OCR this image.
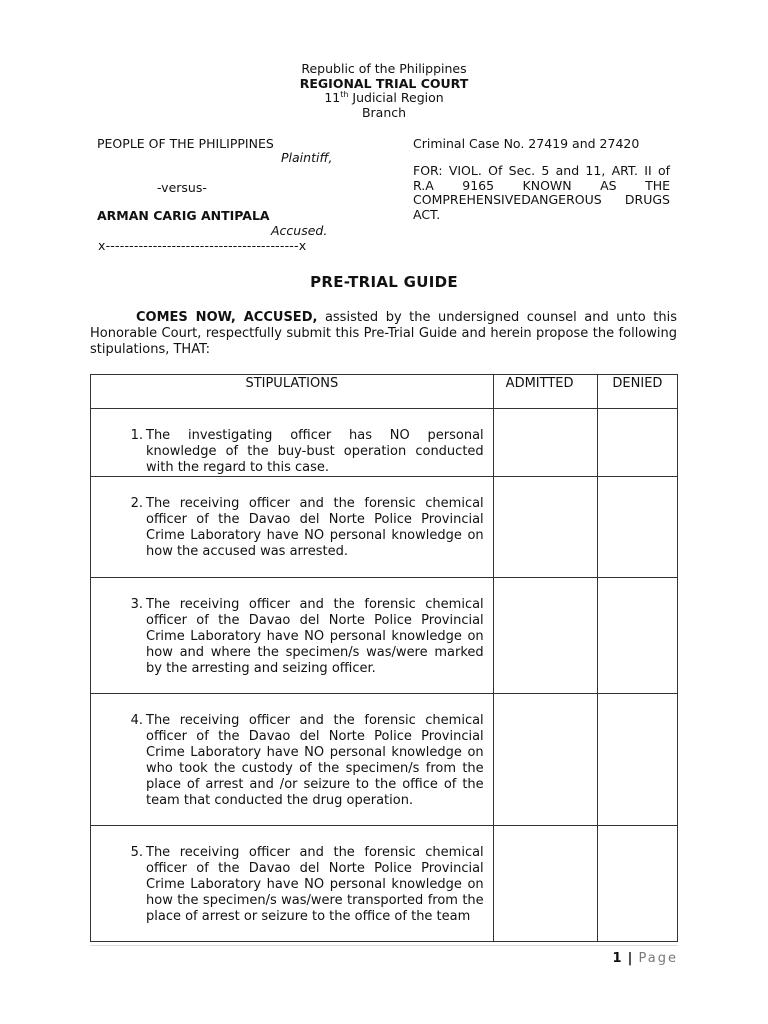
Republic of the Philippines
REGIONAL TRIAL COURT
11th Judicial Region
Branch
PEOPLE OF THE PHILIPPINES
Plaintiff,
-versus-
ARMAN CARIG ANTIPALA
Accused.
x-----------------------------------------x
Criminal Case No. 27419 and 27420
FOR: VIOL. Of Sec. 5 and 11, ART. II of R.A 9165 KNOWN AS THE COMPREHENSIVEDANGEROUS DRUGS ACT.
PRE-TRIAL GUIDE
COMES NOW, ACCUSED, assisted by the undersigned counsel and unto this Honorable Court, respectfully submit this Pre-Trial Guide and herein propose the following stipulations, THAT:
STIPULATIONS	ADMITTED	DENIED

1. The investigating officer has NO personal knowledge of the buy-bust operation conducted with the regard to this case.		

2. The receiving officer and the forensic chemical officer of the Davao del Norte Police Provincial Crime Laboratory have NO personal knowledge on how the accused was arrested.		

3. The receiving officer and the forensic chemical officer of the Davao del Norte Police Provincial Crime Laboratory have NO personal knowledge on how and where the specimen/s was/were marked by the arresting and seizing officer.		

4. The receiving officer and the forensic chemical officer of the Davao del Norte Police Provincial Crime Laboratory have NO personal knowledge on who took the custody of the specimen/s from the place of arrest and /or seizure to the office of the team that conducted the drug operation.		

5. The receiving officer and the forensic chemical officer of the Davao del Norte Police Provincial Crime Laboratory have NO personal knowledge on how the specimen/s was/were transported from the place of arrest or seizure to the office of the team		

1 | Page
